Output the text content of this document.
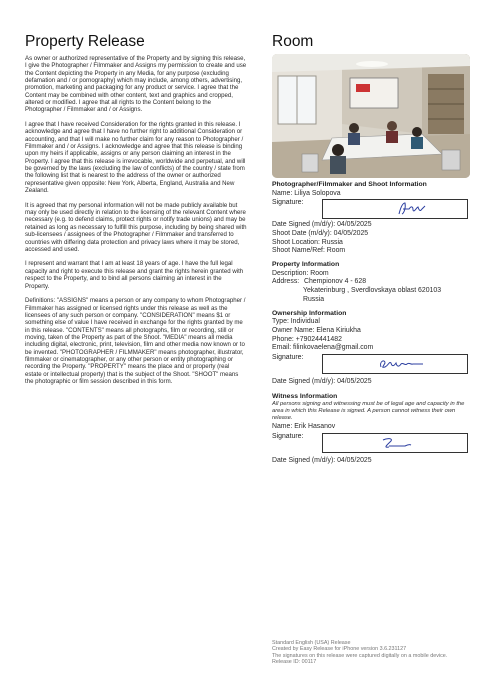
Property Release

As owner or authorized representative of the Property and by signing this release, I give the Photographer / Filmmaker and Assigns my permission to create and use the Content depicting the Property in any Media, for any purpose (excluding defamation and / or pornography) which may include, among others, advertising, promotion, marketing and packaging for any product or service. I agree that the Content may be combined with other content, text and graphics and cropped, altered or modified. I agree that all rights to the Content belong to the Photographer / Filmmaker and / or Assigns.

I agree that I have received Consideration for the rights granted in this release. I acknowledge and agree that I have no further right to additional Consideration or accounting, and that I will make no further claim for any reason to Photographer / Filmmaker and / or Assigns. I acknowledge and agree that this release is binding upon my heirs if applicable, assigns or any person claiming an interest in the Property. I agree that this release is irrevocable, worldwide and perpetual, and will be governed by the laws (excluding the law of conflicts) of the country / state from the following list that is nearest to the address of the owner or authorized representative given opposite: New York, Alberta, England, Australia and New Zealand.

It is agreed that my personal information will not be made publicly available but may only be used directly in relation to the licensing of the relevant Content where necessary (e.g. to defend claims, protect rights or notify trade unions) and may be retained as long as necessary to fulfill this purpose, including by being shared with sub-licensees / assignees of the Photographer / Filmmaker and transferred to countries with differing data protection and privacy laws where it may be stored, accessed and used.

I represent and warrant that I am at least 18 years of age. I have the full legal capacity and right to execute this release and grant the rights herein granted with respect to the Property, and to bind all persons claiming an interest in the Property.

Definitions: "ASSIGNS" means a person or any company to whom Photographer / Filmmaker has assigned or licensed rights under this release as well as the licensees of any such person or company. "CONSIDERATION" means $1 or something else of value I have received in exchange for the rights granted by me in this release. "CONTENTS" means all photographs, film or recording, still or moving, taken of the Property as part of the Shoot. "MEDIA" means all media including digital, electronic, print, television, film and other media now known or to be invented. "PHOTOGRAPHER / FILMMAKER" means photographer, illustrator, filmmaker or cinematographer, or any other person or entity photographing or recording the Property. "PROPERTY" means the place and or property (real estate or intellectual property) that is the subject of the Shoot. "SHOOT" means the photographic or film session described in this form.

Room

Photographer/Filmmaker and Shoot Information

Name: Liliya Solopova

Signature:

Date Signed (m/d/y): 04/05/2025

Shoot Date (m/d/y): 04/05/2025

Shoot Location: Russia

Shoot Name/Ref: Room

Property Information

Description: Room

Address: Chempionov 4 - 628

Yekaterinburg , Sverdlovskaya oblast 620103

Russia

Ownership Information

Type: Individual

Owner Name: Elena Kiriukha

Phone: +79024441482

Email: filinkovaelena@gmail.com

Signature:

Date Signed (m/d/y): 04/05/2025

Witness Information

All persons signing and witnessing must be of legal age and capacity in the area in which this Release is signed. A person cannot witness their own release.

Name: Erik Hasanov

Signature:

Date Signed (m/d/y): 04/05/2025

Standard English (USA) Release

Created by Easy Release for iPhone version 3.6.231127

The signatures on this release were captured digitally on a mobile device.

Release ID: 00117
